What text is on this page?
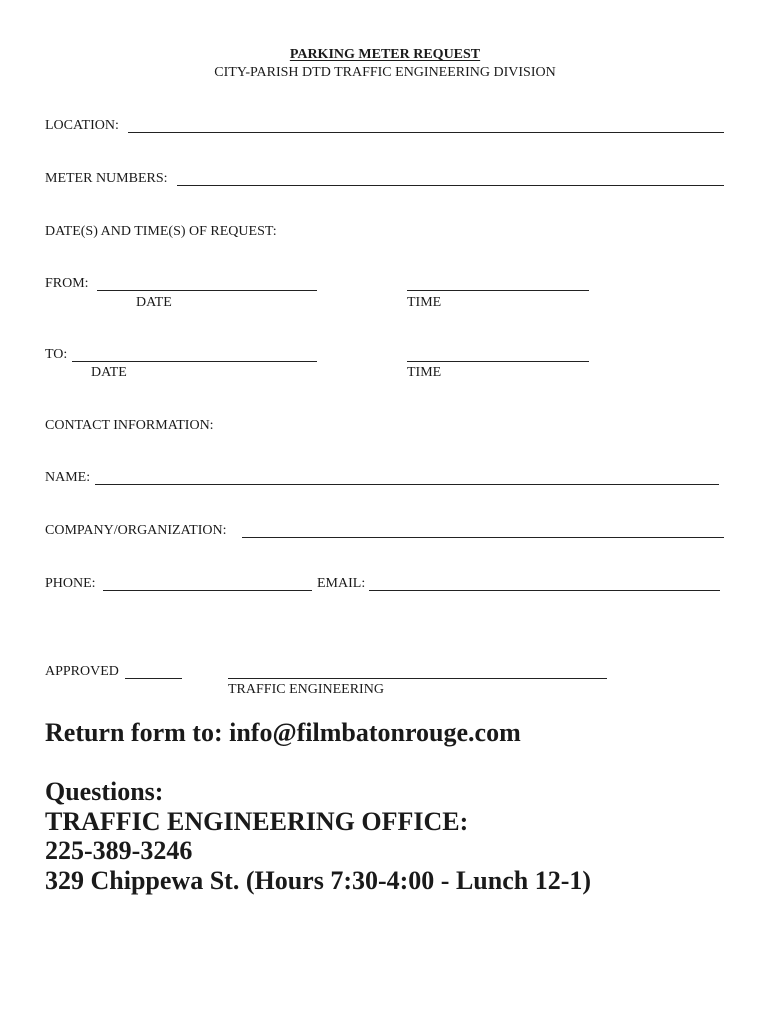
PARKING METER REQUEST
CITY-PARISH DTD TRAFFIC ENGINEERING DIVISION
LOCATION:
METER NUMBERS:
DATE(S) AND TIME(S) OF REQUEST:
FROM:
DATE	TIME
TO:
DATE	TIME
CONTACT INFORMATION:
NAME:
COMPANY/ORGANIZATION:
PHONE:	EMAIL:
APPROVED
TRAFFIC ENGINEERING
Return form to: info@filmbatonrouge.com
Questions:
TRAFFIC ENGINEERING OFFICE:
225-389-3246
329 Chippewa St. (Hours 7:30-4:00 - Lunch 12-1)
